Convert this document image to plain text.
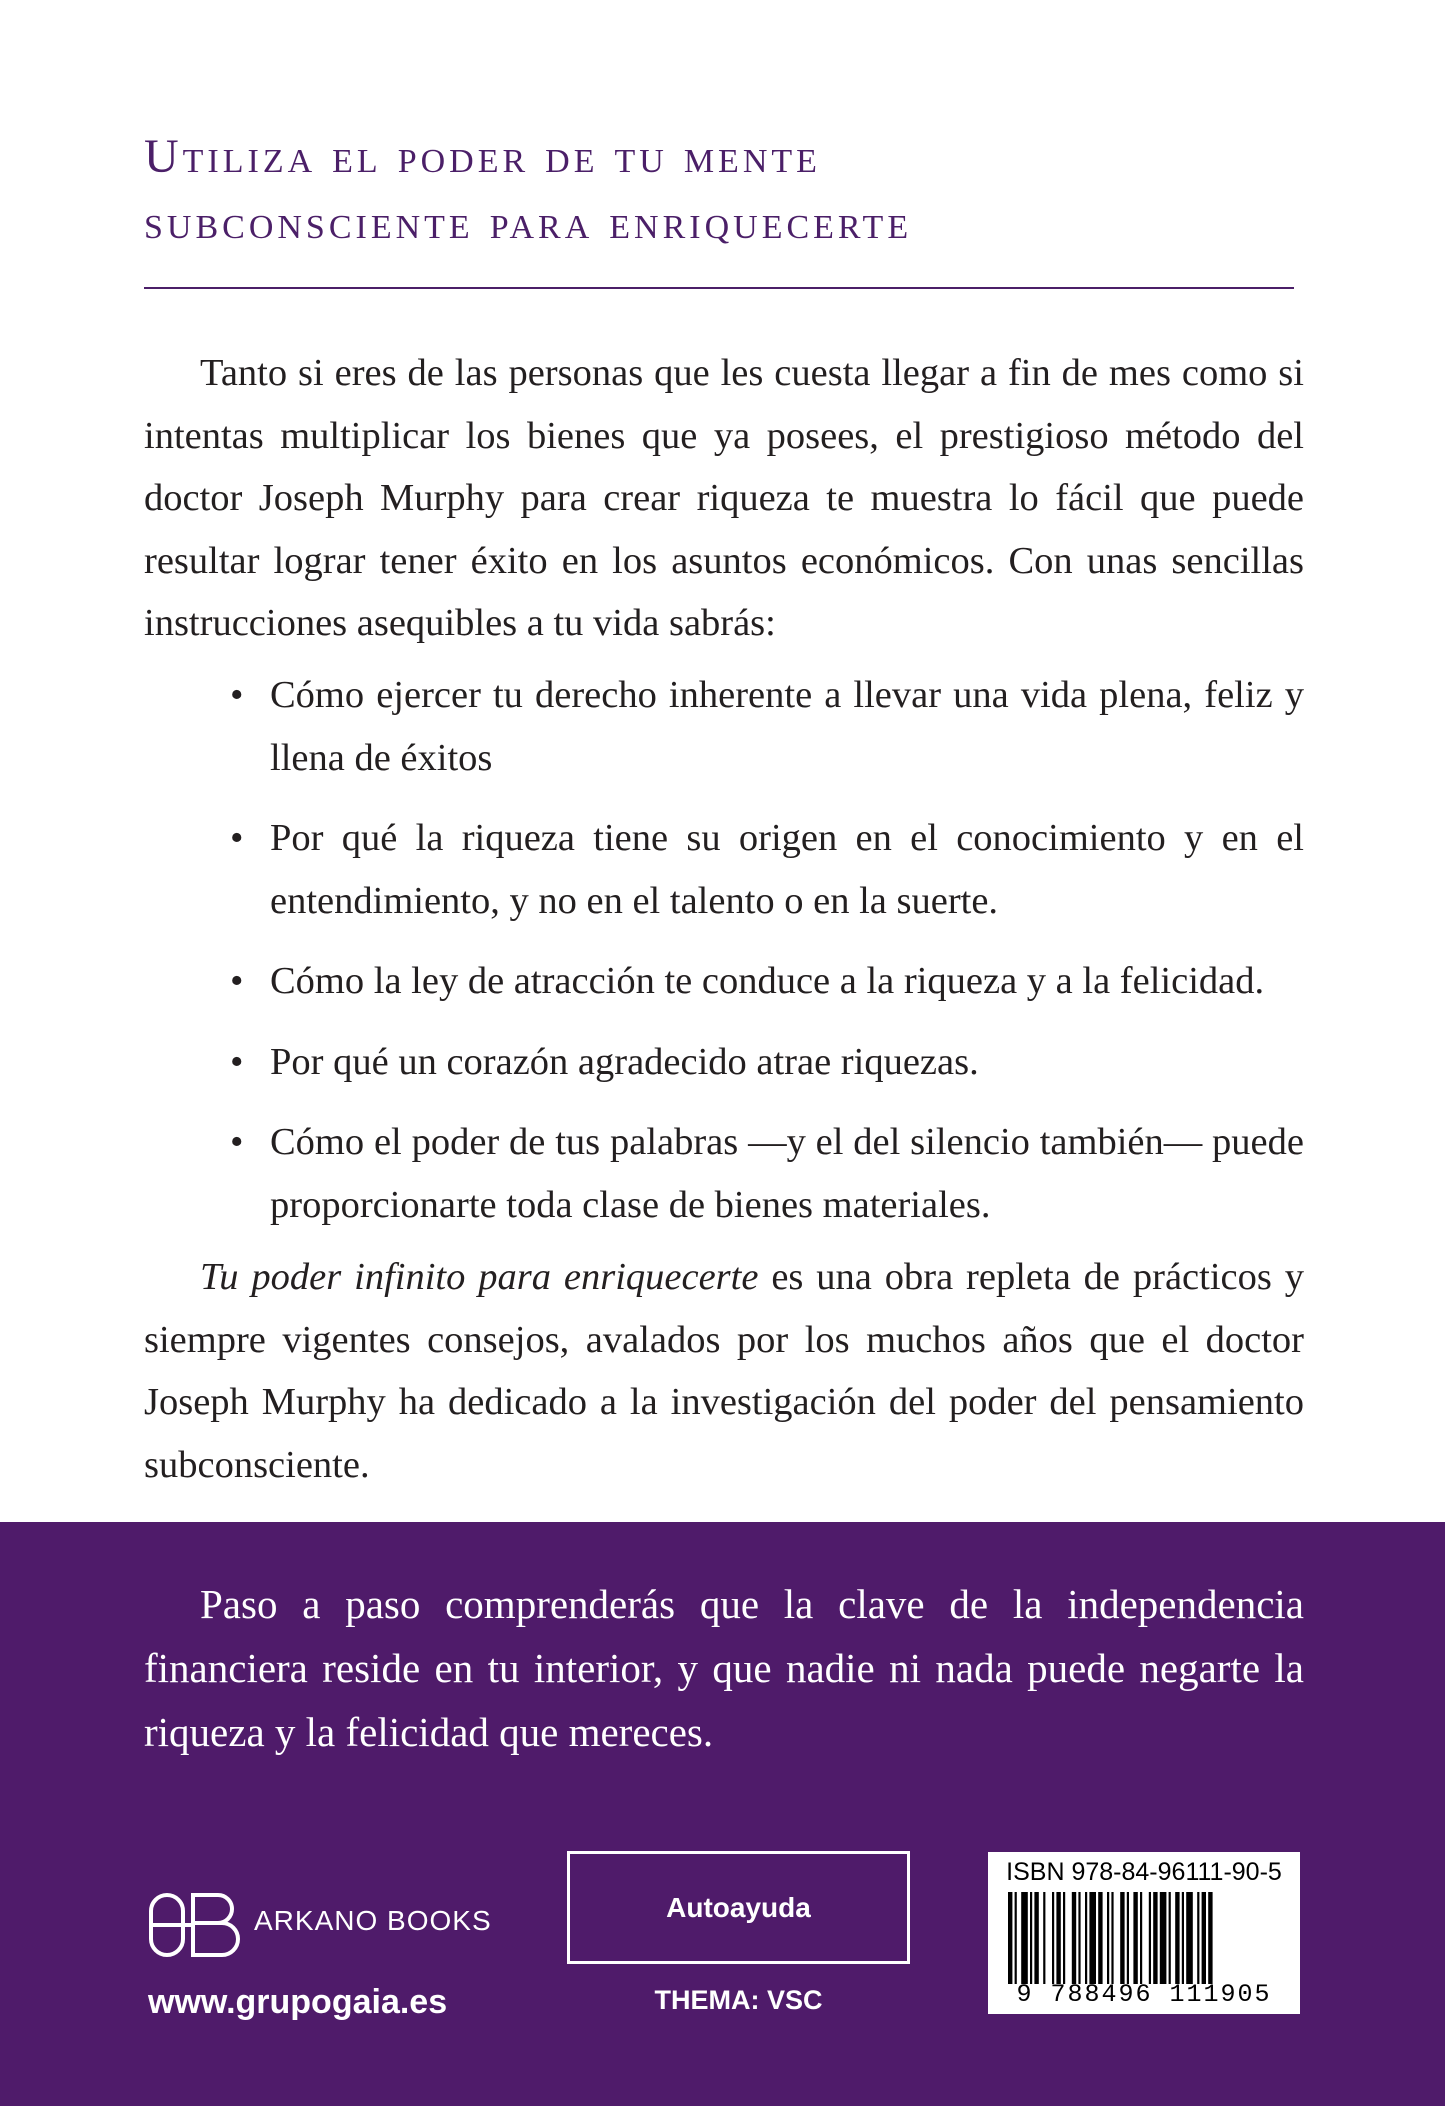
Utiliza el poder de tu mente
subconsciente para enriquecerte

Tanto si eres de las personas que les cuesta llegar a fin de mes como si intentas multiplicar los bienes que ya posees, el prestigioso método del doctor Joseph Murphy para crear riqueza te muestra lo fácil que puede resultar lograr tener éxito en los asuntos económicos. Con unas sencillas instrucciones asequibles a tu vida sabrás:

• Cómo ejercer tu derecho inherente a llevar una vida plena, feliz y llena de éxitos
• Por qué la riqueza tiene su origen en el conocimiento y en el entendimiento, y no en el talento o en la suerte.
• Cómo la ley de atracción te conduce a la riqueza y a la felicidad.
• Por qué un corazón agradecido atrae riquezas.
• Cómo el poder de tus palabras —y el del silencio también— puede proporcionarte toda clase de bienes materiales.

Tu poder infinito para enriquecerte es una obra repleta de prácticos y siempre vigentes consejos, avalados por los muchos años que el doctor Joseph Murphy ha dedicado a la investigación del poder del pensamiento subconsciente.

Paso a paso comprenderás que la clave de la independencia financiera reside en tu interior, y que nadie ni nada puede negarte la riqueza y la felicidad que mereces.

ARKANO BOOKS
www.grupogaia.es
Autoayuda
THEMA: VSC
ISBN 978-84-96111-90-5
9 788496 111905
